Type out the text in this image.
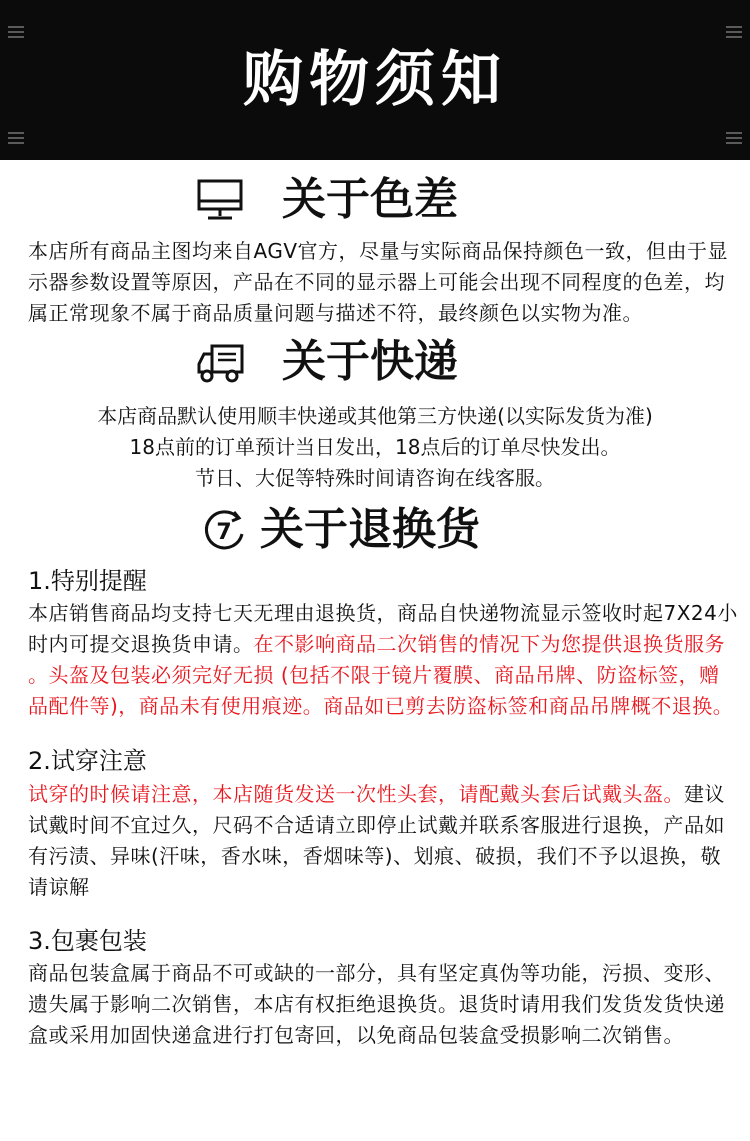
购物须知
关于色差
本店所有商品主图均来自AGV官方，尽量与实际商品保持颜色一致，但由于显
示器参数设置等原因，产品在不同的显示器上可能会出现不同程度的色差，均
属正常现象不属于商品质量问题与描述不符，最终颜色以实物为准。
关于快递
本店商品默认使用顺丰快递或其他第三方快递(以实际发货为准)
18点前的订单预计当日发出，18点后的订单尽快发出。
节日、大促等特殊时间请咨询在线客服。
7 关于退换货
1.特别提醒
本店销售商品均支持七天无理由退换货，商品自快递物流显示签收时起7X24小
时内可提交退换货申请。在不影响商品二次销售的情况下为您提供退换货服务
。头盔及包装必须完好无损 (包括不限于镜片覆膜、商品吊牌、防盗标签，赠
品配件等)，商品未有使用痕迹。商品如已剪去防盗标签和商品吊牌概不退换。
2.试穿注意
试穿的时候请注意，本店随货发送一次性头套，请配戴头套后试戴头盔。建议
试戴时间不宜过久，尺码不合适请立即停止试戴并联系客服进行退换，产品如
有污渍、异味(汗味，香水味，香烟味等)、划痕、破损，我们不予以退换，敬
请谅解
3.包裹包装
商品包装盒属于商品不可或缺的一部分，具有坚定真伪等功能，污损、变形、
遗失属于影响二次销售，本店有权拒绝退换货。退货时请用我们发货发货快递
盒或采用加固快递盒进行打包寄回，以免商品包装盒受损影响二次销售。
